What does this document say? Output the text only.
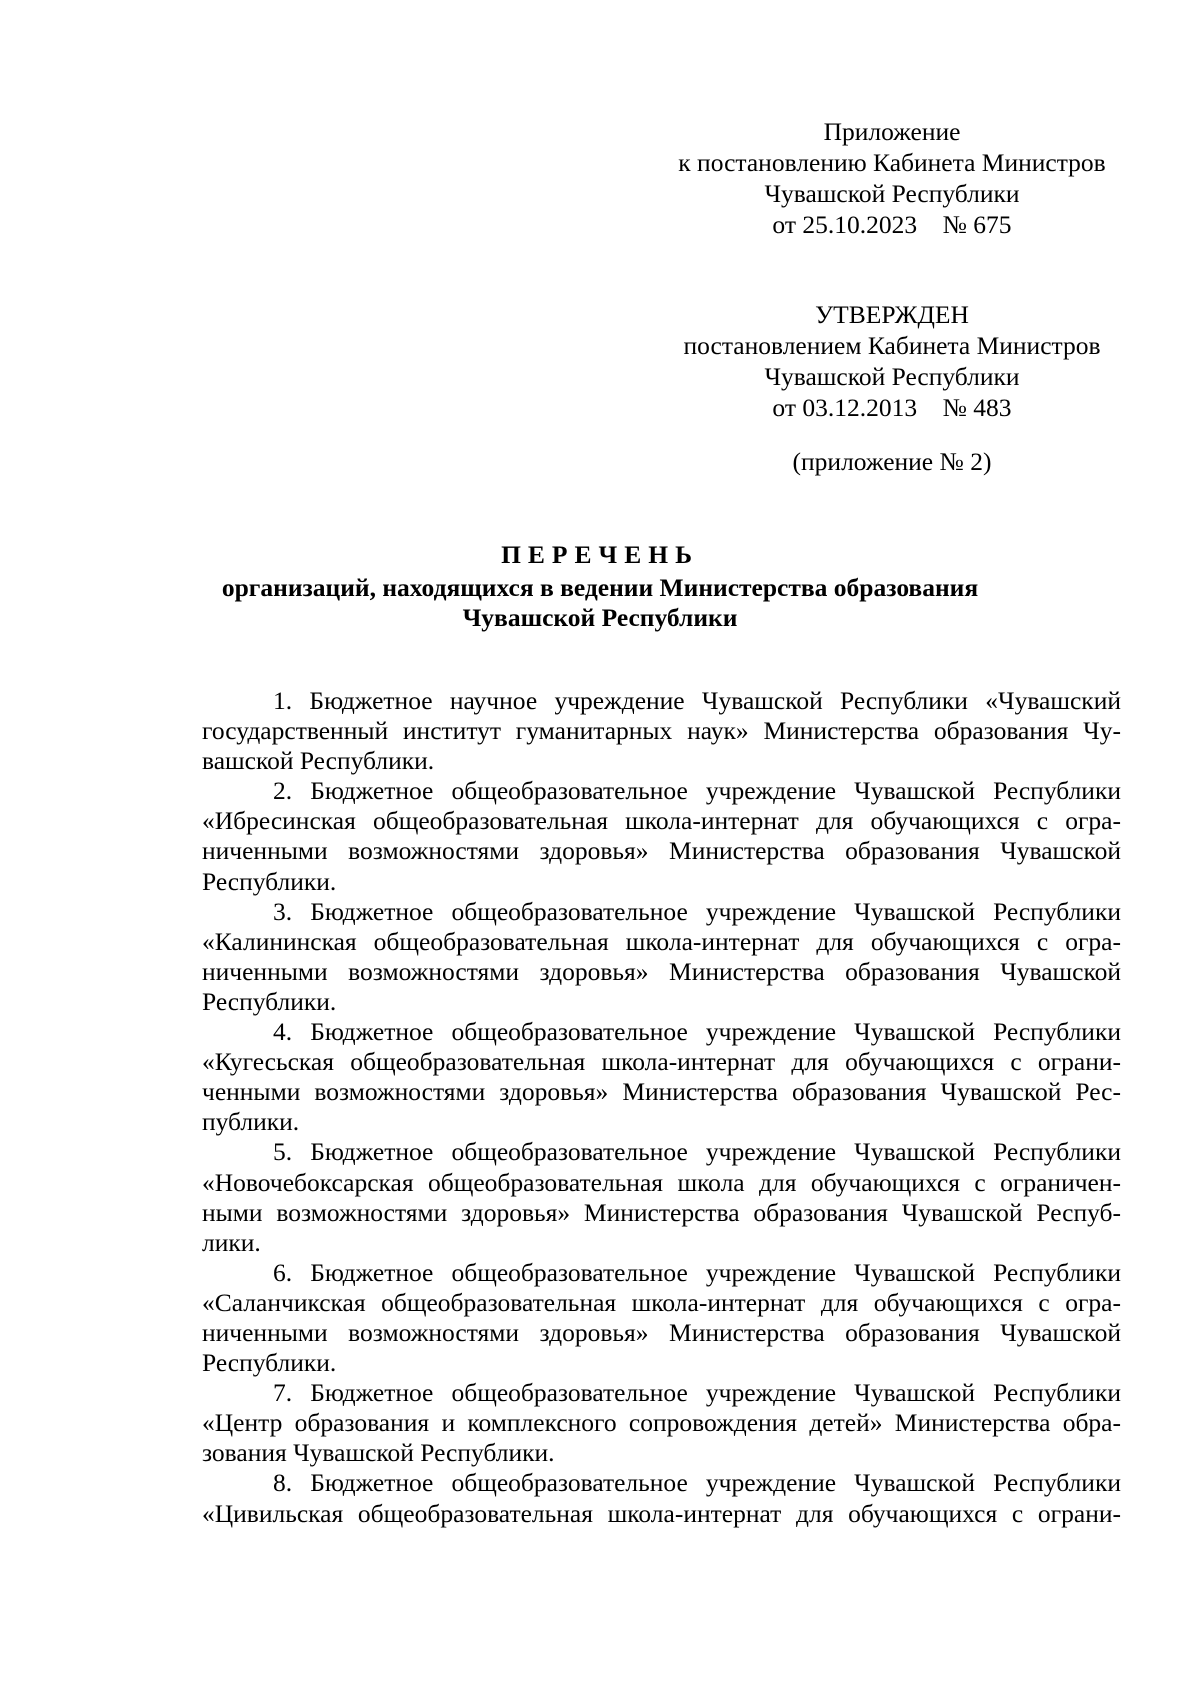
Приложение
к постановлению Кабинета Министров
Чувашской Республики
от 25.10.2023    № 675
УТВЕРЖДЕН
постановлением Кабинета Министров
Чувашской Республики
от 03.12.2013    № 483
(приложение № 2)
ПЕРЕЧЕНЬ
организаций, находящихся в ведении Министерства образования
Чувашской Республики
1. Бюджетное научное учреждение Чувашской Республики «Чувашский
государственный институт гуманитарных наук» Министерства образования Чу-
вашской Республики.
2. Бюджетное общеобразовательное учреждение Чувашской Республики
«Ибресинская общеобразовательная школа-интернат для обучающихся с огра-
ниченными возможностями здоровья» Министерства образования Чувашской
Республики.
3. Бюджетное общеобразовательное учреждение Чувашской Республики
«Калининская общеобразовательная школа-интернат для обучающихся с огра-
ниченными возможностями здоровья» Министерства образования Чувашской
Республики.
4. Бюджетное общеобразовательное учреждение Чувашской Республики
«Кугесьская общеобразовательная школа-интернат для обучающихся с ограни-
ченными возможностями здоровья» Министерства образования Чувашской Рес-
публики.
5. Бюджетное общеобразовательное учреждение Чувашской Республики
«Новочебоксарская общеобразовательная школа для обучающихся с ограничен-
ными возможностями здоровья» Министерства образования Чувашской Респуб-
лики.
6. Бюджетное общеобразовательное учреждение Чувашской Республики
«Саланчикская общеобразовательная школа-интернат для обучающихся с огра-
ниченными возможностями здоровья» Министерства образования Чувашской
Республики.
7. Бюджетное общеобразовательное учреждение Чувашской Республики
«Центр образования и комплексного сопровождения детей» Министерства обра-
зования Чувашской Республики.
8. Бюджетное общеобразовательное учреждение Чувашской Республики
«Цивильская общеобразовательная школа-интернат для обучающихся с ограни-
